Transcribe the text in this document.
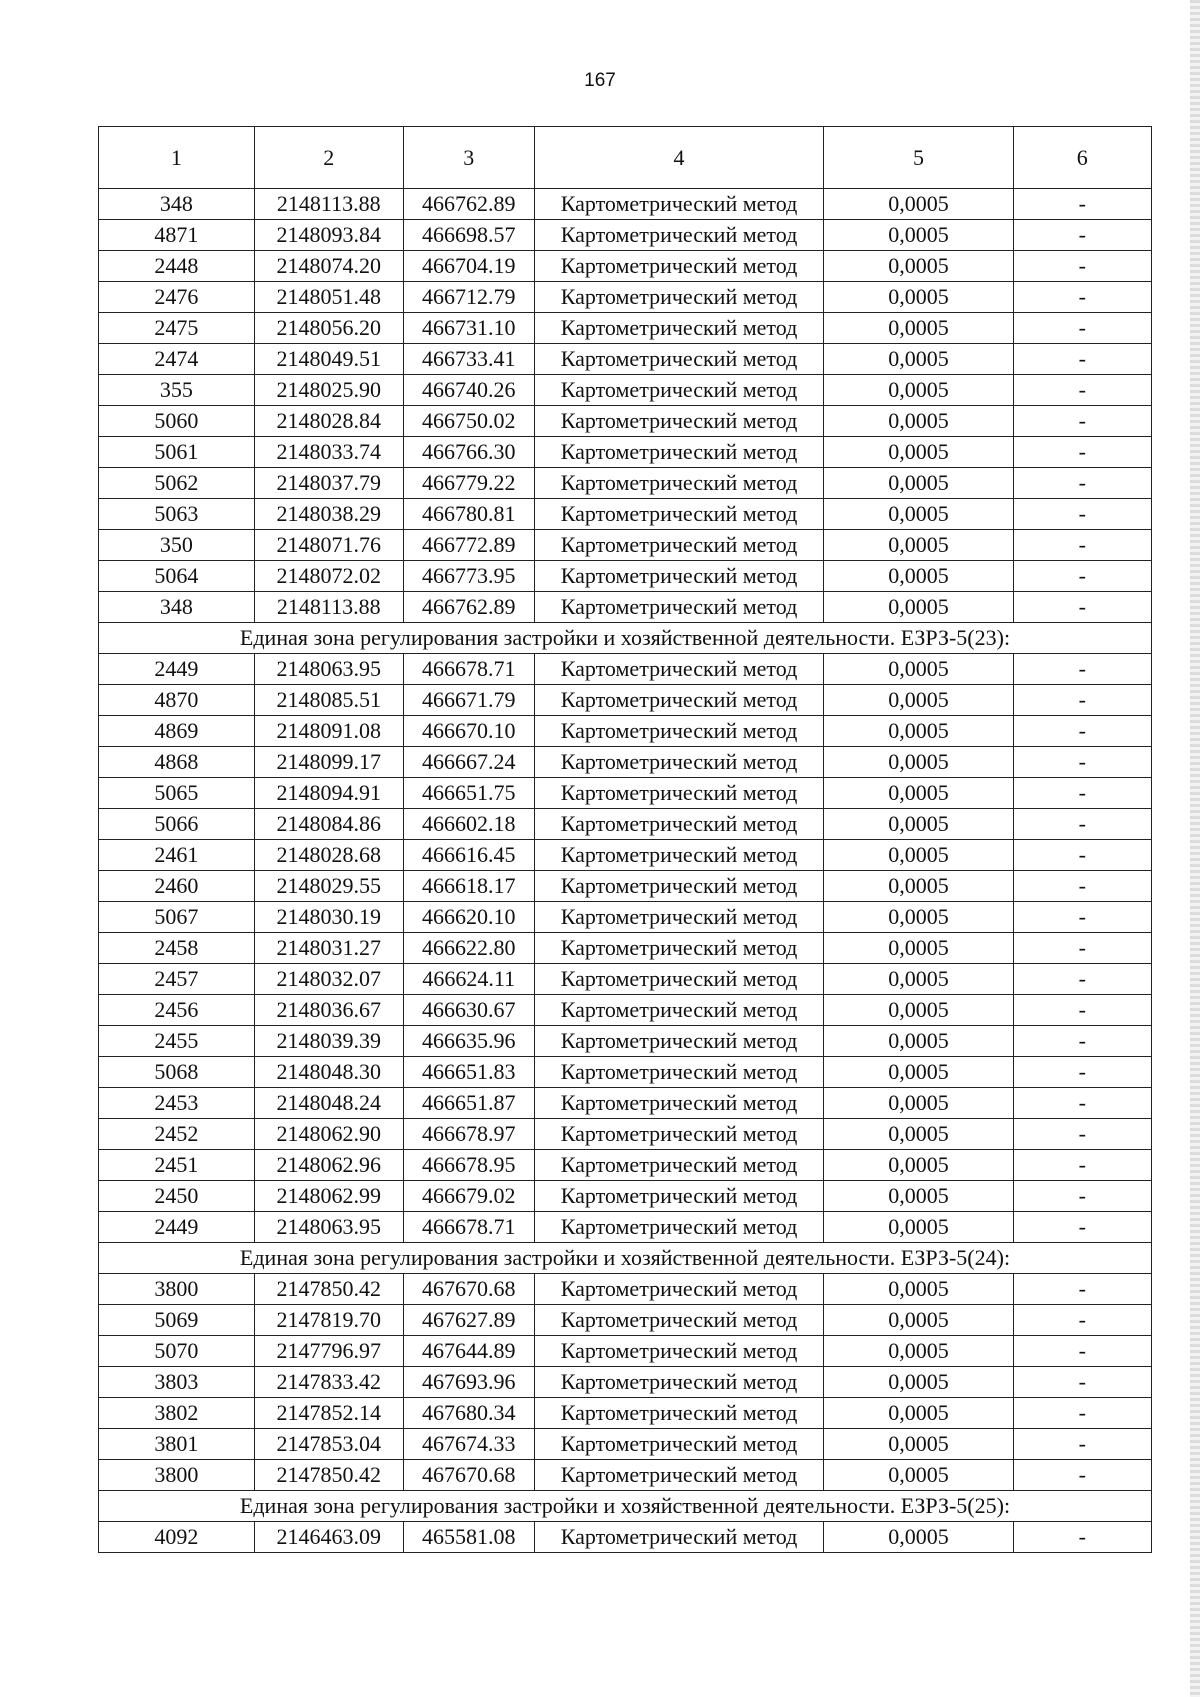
167
1	2	3	4	5	6
348	2148113.88	466762.89	Картометрический метод	0,0005	-
4871	2148093.84	466698.57	Картометрический метод	0,0005	-
2448	2148074.20	466704.19	Картометрический метод	0,0005	-
2476	2148051.48	466712.79	Картометрический метод	0,0005	-
2475	2148056.20	466731.10	Картометрический метод	0,0005	-
2474	2148049.51	466733.41	Картометрический метод	0,0005	-
355	2148025.90	466740.26	Картометрический метод	0,0005	-
5060	2148028.84	466750.02	Картометрический метод	0,0005	-
5061	2148033.74	466766.30	Картометрический метод	0,0005	-
5062	2148037.79	466779.22	Картометрический метод	0,0005	-
5063	2148038.29	466780.81	Картометрический метод	0,0005	-
350	2148071.76	466772.89	Картометрический метод	0,0005	-
5064	2148072.02	466773.95	Картометрический метод	0,0005	-
348	2148113.88	466762.89	Картометрический метод	0,0005	-
Единая зона регулирования застройки и хозяйственной деятельности. ЕЗРЗ-5(23):					
2449	2148063.95	466678.71	Картометрический метод	0,0005	-
4870	2148085.51	466671.79	Картометрический метод	0,0005	-
4869	2148091.08	466670.10	Картометрический метод	0,0005	-
4868	2148099.17	466667.24	Картометрический метод	0,0005	-
5065	2148094.91	466651.75	Картометрический метод	0,0005	-
5066	2148084.86	466602.18	Картометрический метод	0,0005	-
2461	2148028.68	466616.45	Картометрический метод	0,0005	-
2460	2148029.55	466618.17	Картометрический метод	0,0005	-
5067	2148030.19	466620.10	Картометрический метод	0,0005	-
2458	2148031.27	466622.80	Картометрический метод	0,0005	-
2457	2148032.07	466624.11	Картометрический метод	0,0005	-
2456	2148036.67	466630.67	Картометрический метод	0,0005	-
2455	2148039.39	466635.96	Картометрический метод	0,0005	-
5068	2148048.30	466651.83	Картометрический метод	0,0005	-
2453	2148048.24	466651.87	Картометрический метод	0,0005	-
2452	2148062.90	466678.97	Картометрический метод	0,0005	-
2451	2148062.96	466678.95	Картометрический метод	0,0005	-
2450	2148062.99	466679.02	Картометрический метод	0,0005	-
2449	2148063.95	466678.71	Картометрический метод	0,0005	-
Единая зона регулирования застройки и хозяйственной деятельности. ЕЗРЗ-5(24):					
3800	2147850.42	467670.68	Картометрический метод	0,0005	-
5069	2147819.70	467627.89	Картометрический метод	0,0005	-
5070	2147796.97	467644.89	Картометрический метод	0,0005	-
3803	2147833.42	467693.96	Картометрический метод	0,0005	-
3802	2147852.14	467680.34	Картометрический метод	0,0005	-
3801	2147853.04	467674.33	Картометрический метод	0,0005	-
3800	2147850.42	467670.68	Картометрический метод	0,0005	-
Единая зона регулирования застройки и хозяйственной деятельности. ЕЗРЗ-5(25):					
4092	2146463.09	465581.08	Картометрический метод	0,0005	-
